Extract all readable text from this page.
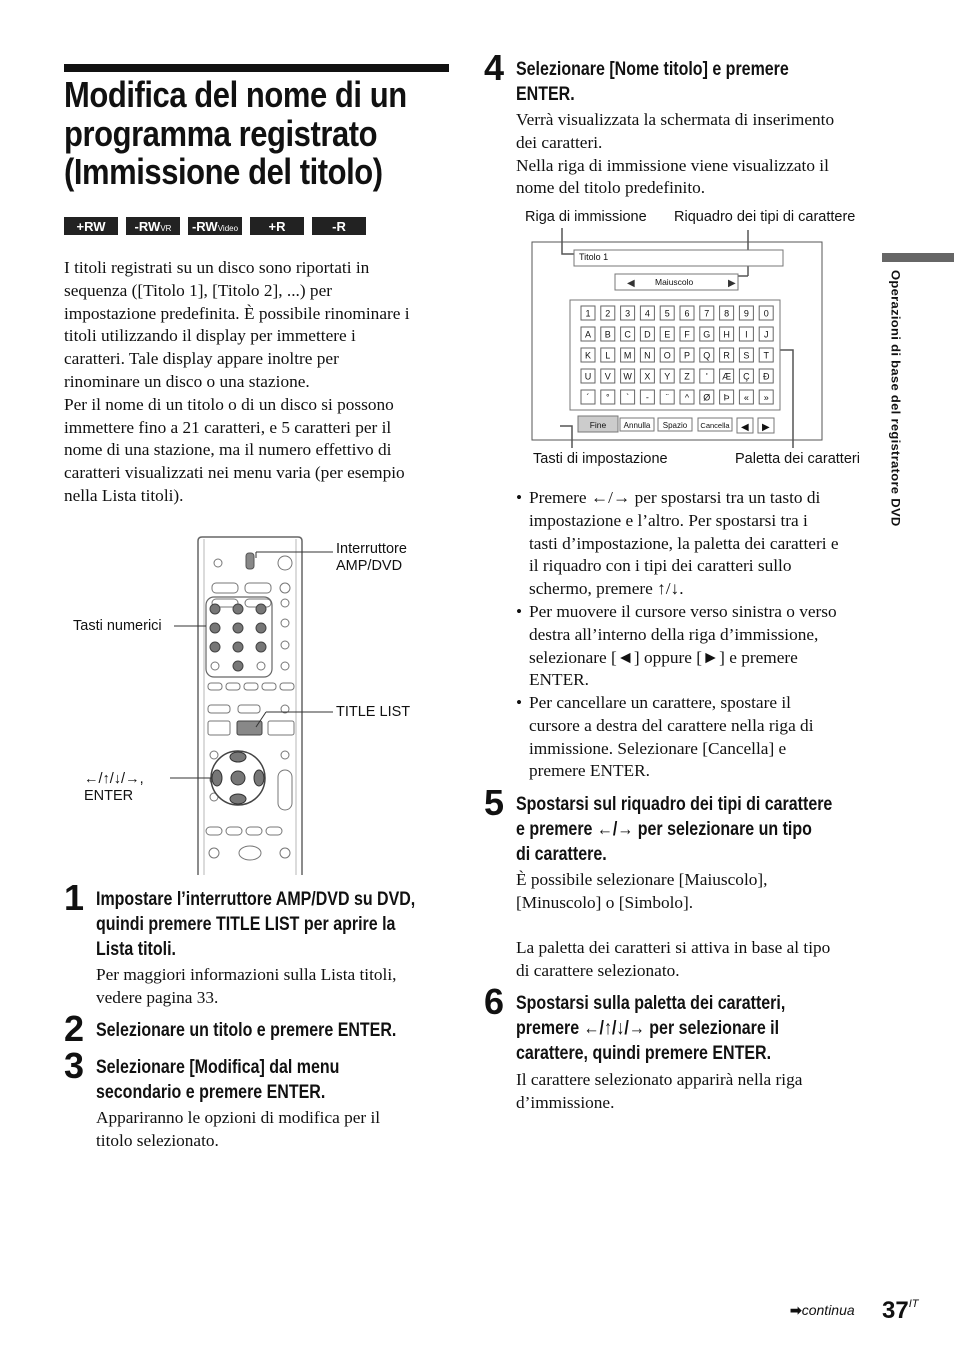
Modifica del nome di un
programma registrato
(Immissione del titolo)
+RW $-RW_{VR}$ $-RW_{Video} +R$	-R
I titoli registrati su un disco sono riportati in
sequenza ([Titolo 1], [Titolo 2], ...) per
impostazione predefinita. È possibile rinominare i
titoli utilizzando il display per immettere i
caratteri. Tale display appare inoltre per
rinominare un disco o una stazione.
Per il nome di un titolo o di un disco si possono
immettere fino a 21 caratteri, e 5 caratteri per il
nome di una stazione, ma il numero effettivo di
caratteri visualizzati nei menu varia (per esempio
nella Lista titoli).
Interruttore
AMP/DVD
Tasti numerici
TITLE LIST
←/↑/↓/→,
ENTER
1 Impostare l’interruttore AMP/DVD su DVD,
quindi premere TITLE LIST per aprire la
Lista titoli.
Per maggiori informazioni sulla Lista titoli,
vedere pagina 33.
2 Selezionare un titolo e premere ENTER.
3 Selezionare [Modifica] dal menu
secondario e premere ENTER.
Appariranno le opzioni di modifica per il
titolo selezionato.
4 Selezionare [Nome titolo] e premere
ENTER.
Verrà visualizzata la schermata di inserimento
dei caratteri.
Nella riga di immissione viene visualizzato il
nome del titolo predefinito.
Riga di immissione Riquadro dei tipi di carattere
◀	▶
1 2 3 4 5 6 7 8 9 0
A B C D E F G H I J
K L M N O P Q R S T
U V W X Y Z ' Æ Ç Ð
´ ° ` - ¨ ^ Ø Þ « »
◀ ▶
Titolo 1
Maiuscolo
Fine	Annulla	Spazio	Cancella
Tasti di impostazione	Paletta dei caratteri
• Premere ←/→ per spostarsi tra un tasto di
impostazione e l’altro. Per spostarsi tra i
tasti d’impostazione, la paletta dei caratteri e
il riquadro con i tipi dei caratteri sullo
schermo, premere ↑/↓.
• Per muovere il cursore verso sinistra o verso
destra all’interno della riga d’immissione,
selezionare [◄] oppure [►] e premere
ENTER.
• Per cancellare un carattere, spostare il
cursore a destra del carattere nella riga di
immissione. Selezionare [Cancella] e
premere ENTER.
5 Spostarsi sul riquadro dei tipi di carattere
e premere ←/→ per selezionare un tipo
di carattere.
È possibile selezionare [Maiuscolo],
[Minuscolo] o [Simbolo].
La paletta dei caratteri si attiva in base al tipo
di carattere selezionato.
6 Spostarsi sulla paletta dei caratteri,
premere ←/↑/↓/→ per selezionare il
carattere, quindi premere ENTER.
Il carattere selezionato apparirà nella riga
d’immissione.
Operazioni di base del registratore DVD
➡continua $37^{IT}$
